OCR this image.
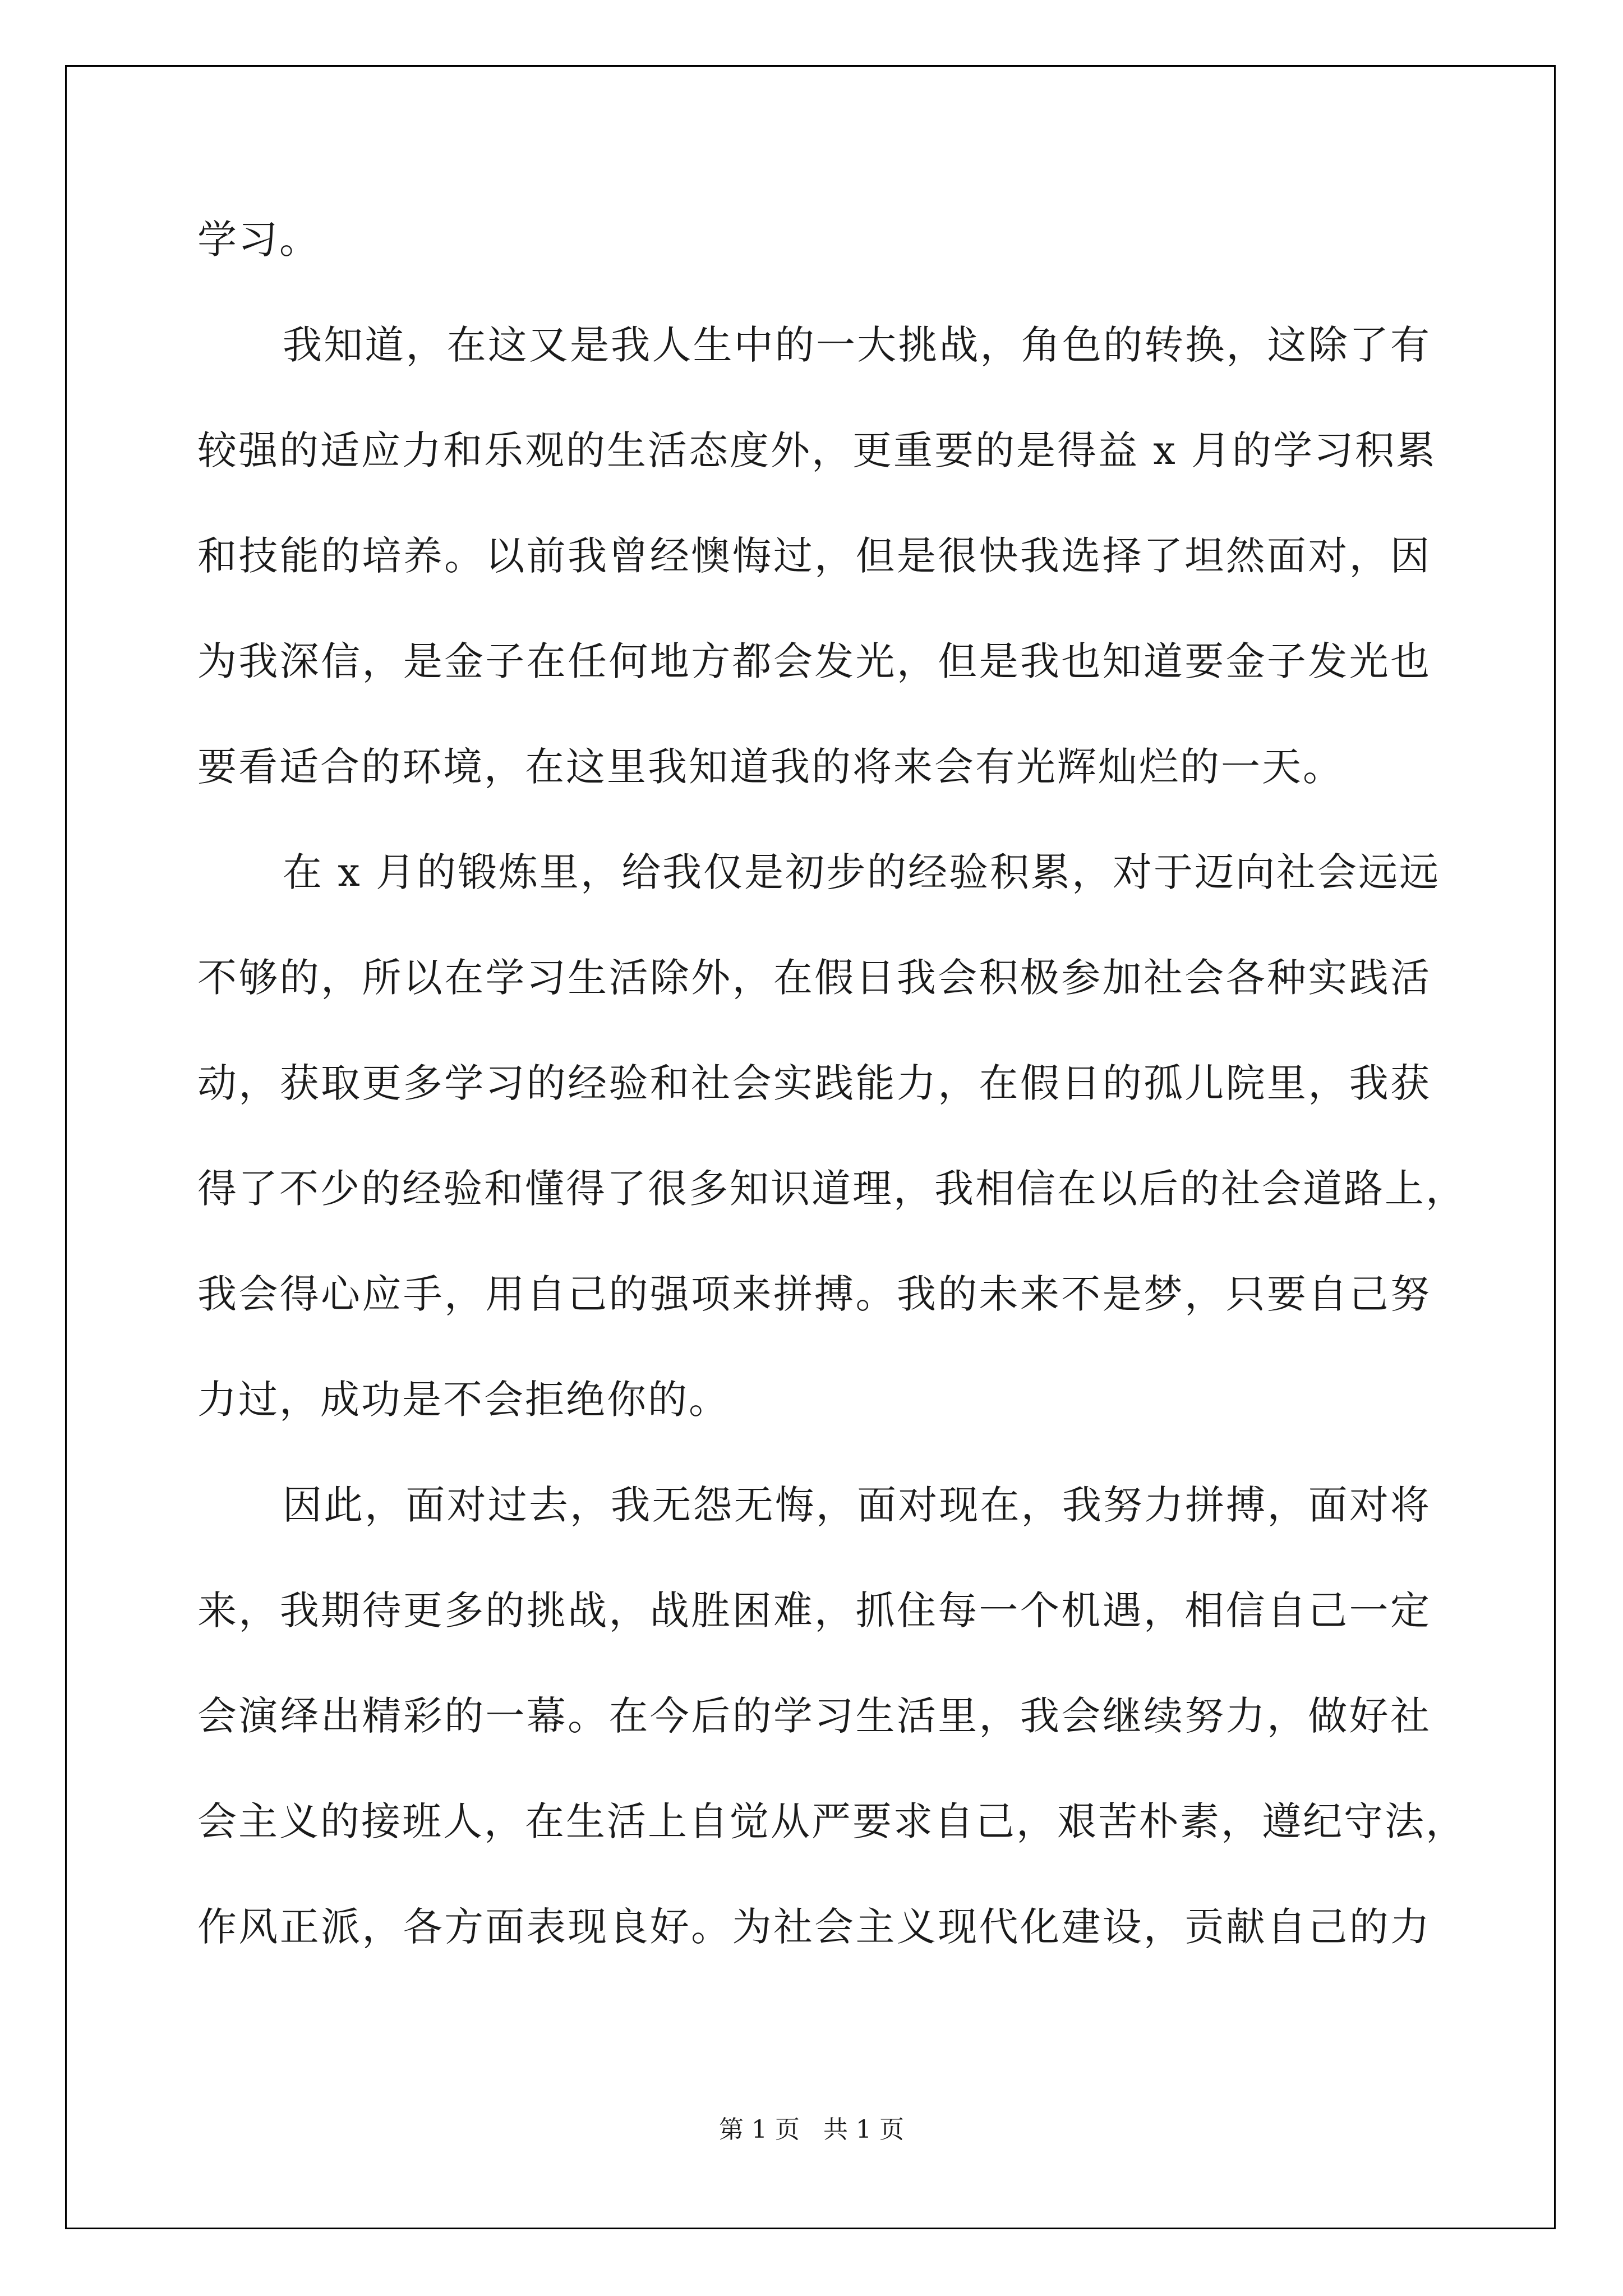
学习。
我知道，在这又是我人生中的一大挑战，角色的转换，这除了有
较强的适应力和乐观的生活态度外，更重要的是得益 x 月的学习积累
和技能的培养。以前我曾经懊悔过，但是很快我选择了坦然面对，因
为我深信，是金子在任何地方都会发光，但是我也知道要金子发光也
要看适合的环境，在这里我知道我的将来会有光辉灿烂的一天。
在 x 月的锻炼里，给我仅是初步的经验积累，对于迈向社会远远
不够的，所以在学习生活除外，在假日我会积极参加社会各种实践活
动，获取更多学习的经验和社会实践能力，在假日的孤儿院里，我获
得了不少的经验和懂得了很多知识道理，我相信在以后的社会道路上，
我会得心应手，用自己的强项来拼搏。我的未来不是梦，只要自己努
力过，成功是不会拒绝你的。
因此，面对过去，我无怨无悔，面对现在，我努力拼搏，面对将
来，我期待更多的挑战，战胜困难，抓住每一个机遇，相信自己一定
会演绎出精彩的一幕。在今后的学习生活里，我会继续努力，做好社
会主义的接班人，在生活上自觉从严要求自己，艰苦朴素，遵纪守法，
作风正派，各方面表现良好。为社会主义现代化建设，贡献自己的力
第 1 页 共 1 页
